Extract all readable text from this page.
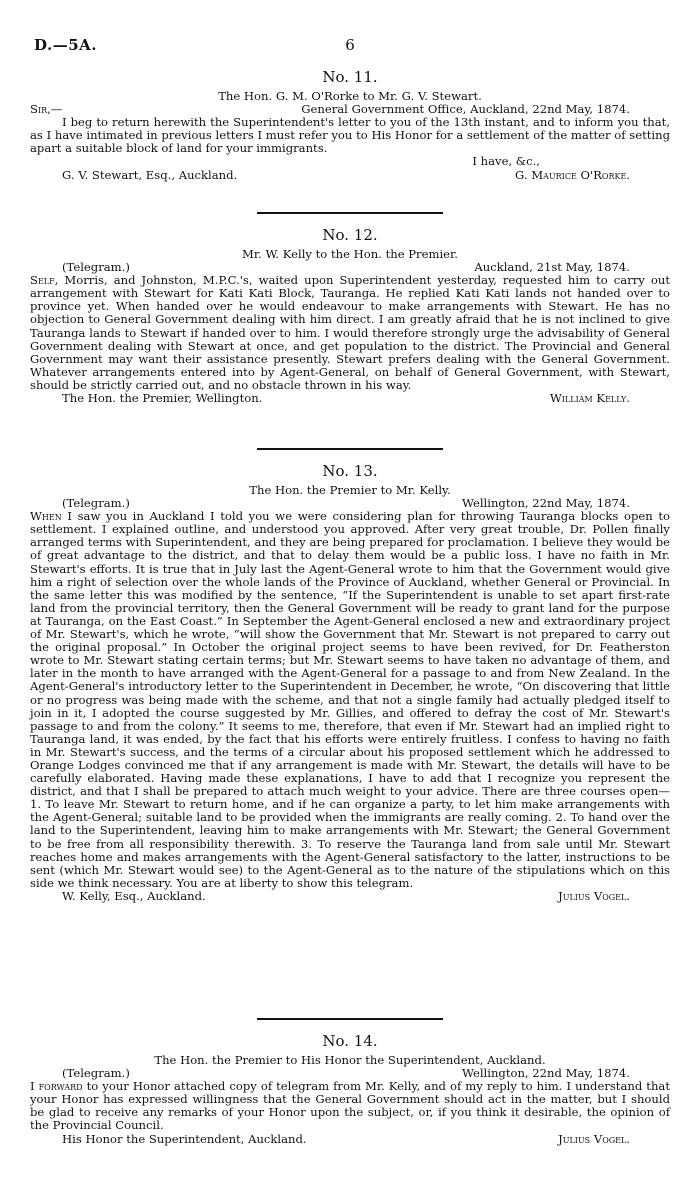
D.—5A.	6
No. 11.
The Hon. G. M. O'Rorke to Mr. G. V. Stewart.
Sir,—	General Government Office, Auckland, 22nd May, 1874.

I beg to return herewith the Superintendent's letter to you of the 13th instant, and to inform you that, as I have intimated in previous letters I must refer you to His Honor for a settlement of the matter of setting apart a suitable block of land for your immigrants.

I have, &c.,
G. V. Stewart, Esq., Auckland.	G. Maurice O'Rorke.
No. 12.
Mr. W. Kelly to the Hon. the Premier.
(Telegram.)	Auckland, 21st May, 1874.

Self, Morris, and Johnston, M.P.C.'s, waited upon Superintendent yesterday, requested him to carry out arrangement with Stewart for Kati Kati Block, Tauranga. He replied Kati Kati lands not handed over to province yet. When handed over he would endeavour to make arrangements with Stewart. He has no objection to General Government dealing with him direct. I am greatly afraid that he is not inclined to give Tauranga lands to Stewart if handed over to him. I would therefore strongly urge the advisability of General Government dealing with Stewart at once, and get population to the district. The Provincial and General Government may want their assistance presently. Stewart prefers dealing with the General Government. Whatever arrangements entered into by Agent-General, on behalf of General Government, with Stewart, should be strictly carried out, and no obstacle thrown in his way.

The Hon. the Premier, Wellington.	William Kelly.
No. 13.
The Hon. the Premier to Mr. Kelly.
(Telegram.)	Wellington, 22nd May, 1874.

When I saw you in Auckland I told you we were considering plan for throwing Tauranga blocks open to settlement. I explained outline, and understood you approved. After very great trouble, Dr. Pollen finally arranged terms with Superintendent, and they are being prepared for proclamation. I believe they would be of great advantage to the district, and that to delay them would be a public loss. I have no faith in Mr. Stewart's efforts. It is true that in July last the Agent-General wrote to him that the Government would give him a right of selection over the whole lands of the Province of Auckland, whether General or Provincial. In the same letter this was modified by the sentence, “If the Superintendent is unable to set apart first-rate land from the provincial territory, then the General Government will be ready to grant land for the purpose at Tauranga, on the East Coast.” In September the Agent-General enclosed a new and extraordinary project of Mr. Stewart's, which he wrote, “will show the Government that Mr. Stewart is not prepared to carry out the original proposal.” In October the original project seems to have been revived, for Dr. Featherston wrote to Mr. Stewart stating certain terms; but Mr. Stewart seems to have taken no advantage of them, and later in the month to have arranged with the Agent-General for a passage to and from New Zealand. In the Agent-General's introductory letter to the Superintendent in December, he wrote, “On discovering that little or no progress was being made with the scheme, and that not a single family had actually pledged itself to join in it, I adopted the course suggested by Mr. Gillies, and offered to defray the cost of Mr. Stewart's passage to and from the colony.” It seems to me, therefore, that even if Mr. Stewart had an implied right to Tauranga land, it was ended, by the fact that his efforts were entirely fruitless. I confess to having no faith in Mr. Stewart's success, and the terms of a circular about his proposed settlement which he addressed to Orange Lodges convinced me that if any arrangement is made with Mr. Stewart, the details will have to be carefully elaborated. Having made these explanations, I have to add that I recognize you represent the district, and that I shall be prepared to attach much weight to your advice. There are three courses open—1. To leave Mr. Stewart to return home, and if he can organize a party, to let him make arrangements with the Agent-General; suitable land to be provided when the immigrants are really coming. 2. To hand over the land to the Superintendent, leaving him to make arrangements with Mr. Stewart; the General Government to be free from all responsibility therewith. 3. To reserve the Tauranga land from sale until Mr. Stewart reaches home and makes arrangements with the Agent-General satisfactory to the latter, instructions to be sent (which Mr. Stewart would see) to the Agent-General as to the nature of the stipulations which on this side we think necessary. You are at liberty to show this telegram.

W. Kelly, Esq., Auckland.	Julius Vogel.
No. 14.
The Hon. the Premier to His Honor the Superintendent, Auckland.
(Telegram.)	Wellington, 22nd May, 1874.

I forward to your Honor attached copy of telegram from Mr. Kelly, and of my reply to him. I understand that your Honor has expressed willingness that the General Government should act in the matter, but I should be glad to receive any remarks of your Honor upon the subject, or, if you think it desirable, the opinion of the Provincial Council.

His Honor the Superintendent, Auckland.	Julius Vogel.
